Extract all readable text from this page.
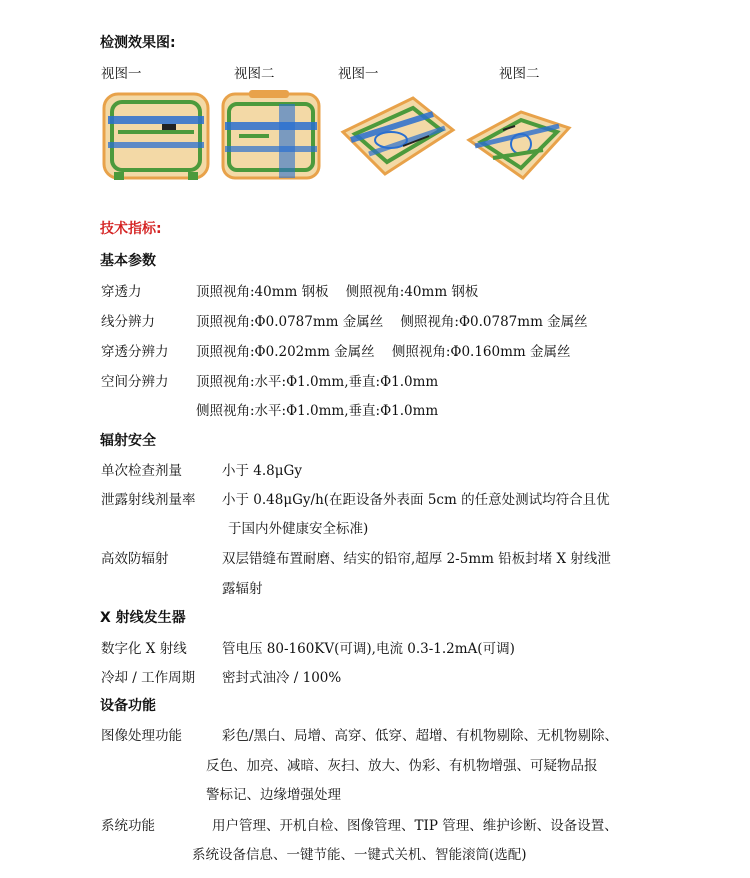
检测效果图:
视图一	视图二	视图一	视图二
技术指标:
基本参数
穿透力	顶照视角:40mm 钢板    侧照视角:40mm 钢板
线分辨力	顶照视角:Φ0.0787mm 金属丝    侧照视角:Φ0.0787mm 金属丝
穿透分辨力 顶照视角:Φ0.202mm 金属丝    侧照视角:Φ0.160mm 金属丝
空间分辨力 顶照视角:水平:Φ1.0mm,垂直:Φ1.0mm
侧照视角:水平:Φ1.0mm,垂直:Φ1.0mm
辐射安全
单次检查剂量	小于 4.8μGy
泄露射线剂量率 小于 0.48μGy/h(在距设备外表面 5cm 的任意处测试均符合且优
于国内外健康安全标准)
高效防辐射	双层错缝布置耐磨、结实的铅帘,超厚 2-5mm 铅板封堵 X 射线泄
露辐射
X 射线发生器
数字化 X 射线	管电压 80-160KV(可调),电流 0.3-1.2mA(可调)
冷却 / 工作周期 密封式油冷 / 100%
设备功能
图像处理功能	彩色/黑白、局增、高穿、低穿、超增、有机物剔除、无机物剔除、
反色、加亮、减暗、灰扫、放大、伪彩、有机物增强、可疑物品报
警标记、边缘增强处理
系统功能	用户管理、开机自检、图像管理、TIP 管理、维护诊断、设备设置、
系统设备信息、一键节能、一键式关机、智能滚筒(选配)
